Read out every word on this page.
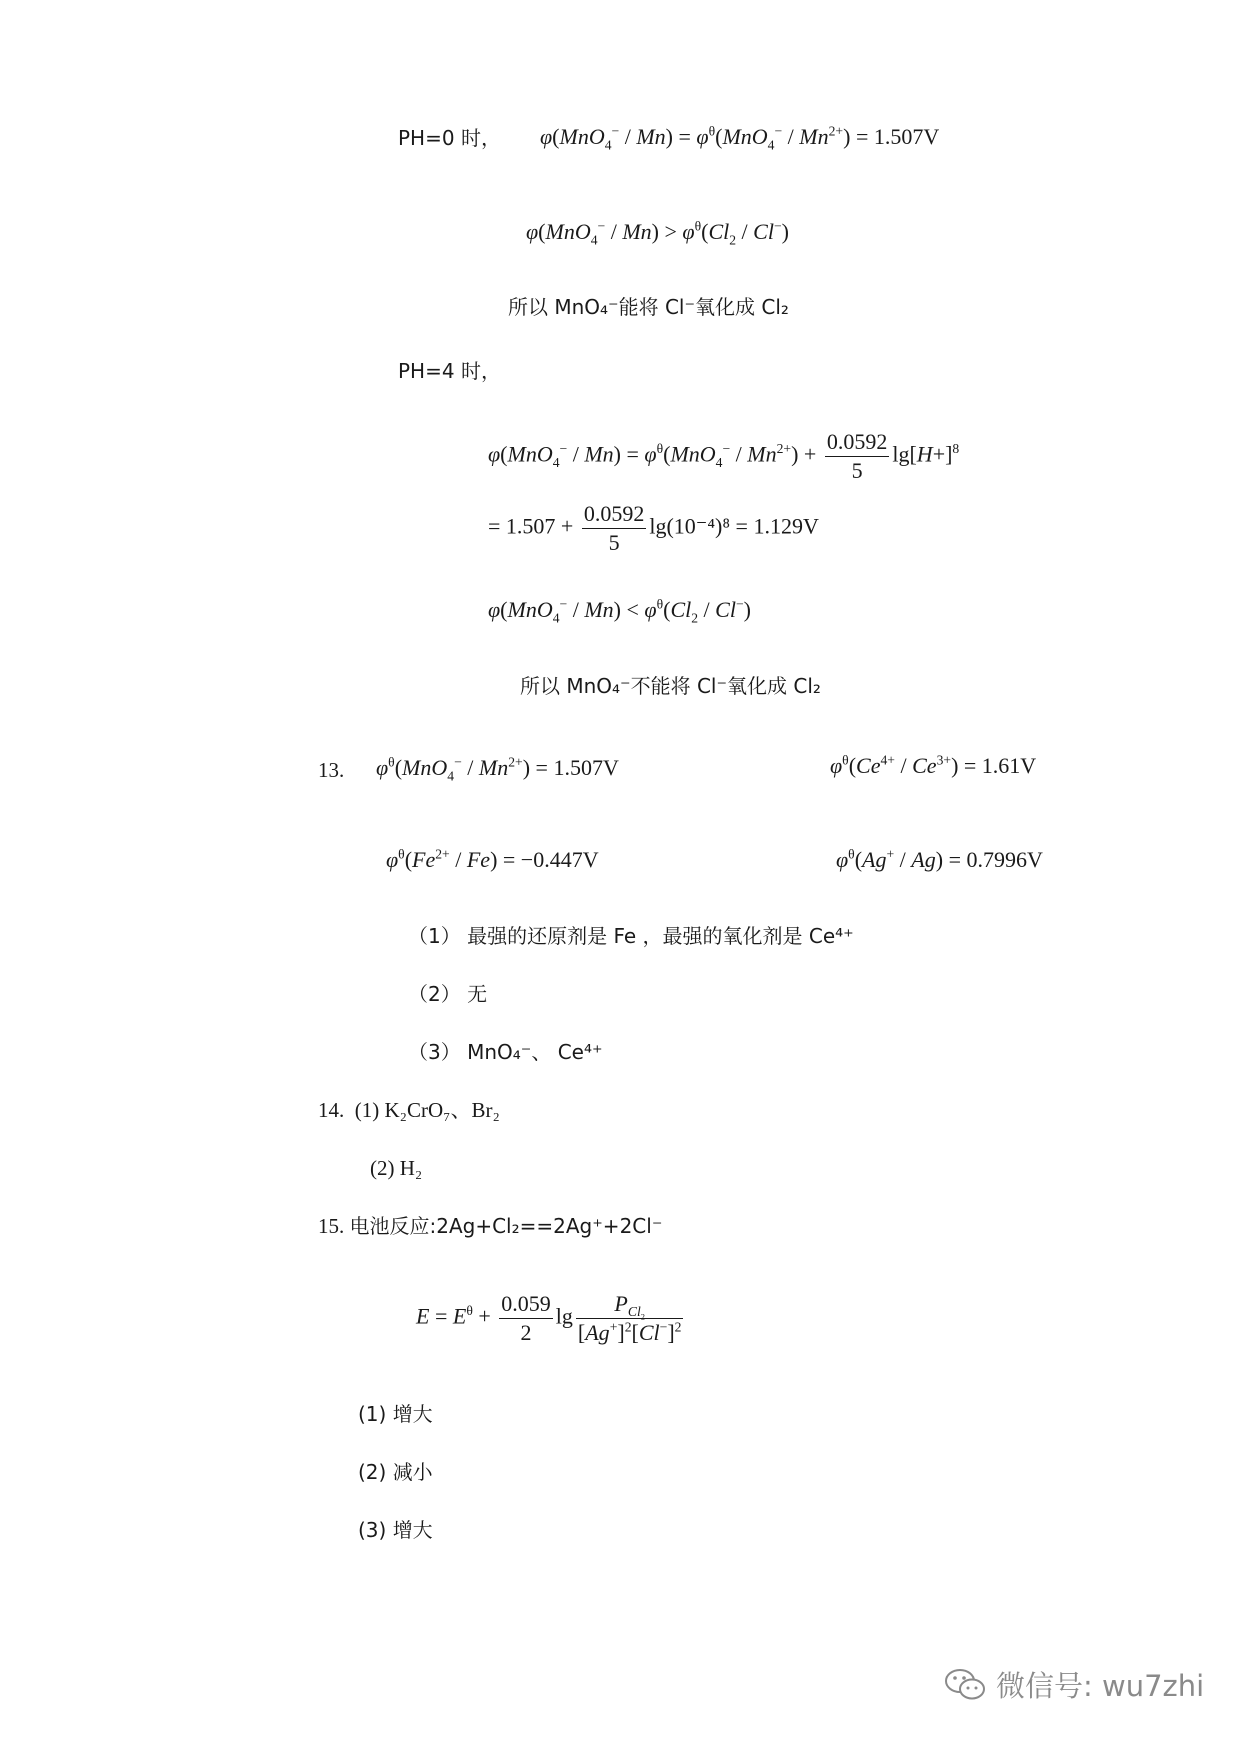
PH=0 时， $\varphi(MnO_4^- / Mn) = \varphi^\theta(MnO_4^- / Mn^{2+}) = 1.507V$
$\varphi(MnO_4^- / Mn) > \varphi^\theta(Cl_2 / Cl^-)$
所以 MnO₄⁻能将 Cl⁻氧化成 Cl₂
PH=4 时，
$\varphi(MnO_4^- / Mn) = \varphi^\theta(MnO_4^- / Mn^{2+}) + \frac{0.0592}{5} \lg[H+]^8$
= $1.507 + \frac{0.0592}{5} \lg(10^{-4})^8 = 1.129V$
$\varphi(MnO_4^- / Mn) < \varphi^\theta(Cl_2 / Cl^-)$
所以 MnO₄⁻不能将 Cl⁻氧化成 Cl₂
13. $\varphi^\theta(MnO_4^- / Mn^{2+}) = 1.507V$	$\varphi^\theta(Ce^{4+} / Ce^{3+}) = 1.61V$
$\varphi^\theta(Fe^{2+} / Fe) = -0.447V$	$\varphi^\theta(Ag^+ / Ag) = 0.7996V$
（1） 最强的还原剂是 Fe ，最强的氧化剂是 Ce⁴⁺
（2） 无
（3） MnO₄⁻、 Ce⁴⁺
14. (1) K₂CrO₇、Br₂
(2) H₂
15. 电池反应:2Ag+Cl₂==2Ag⁺+2Cl⁻
$E = E^\theta + \frac{0.059}{2}$ $\lg \frac{P_{Cl_2}}{[Ag^+]^2[Cl^-]^2}$
(1) 增大
(2) 减小
(3) 增大
微信号: wu7zhi
